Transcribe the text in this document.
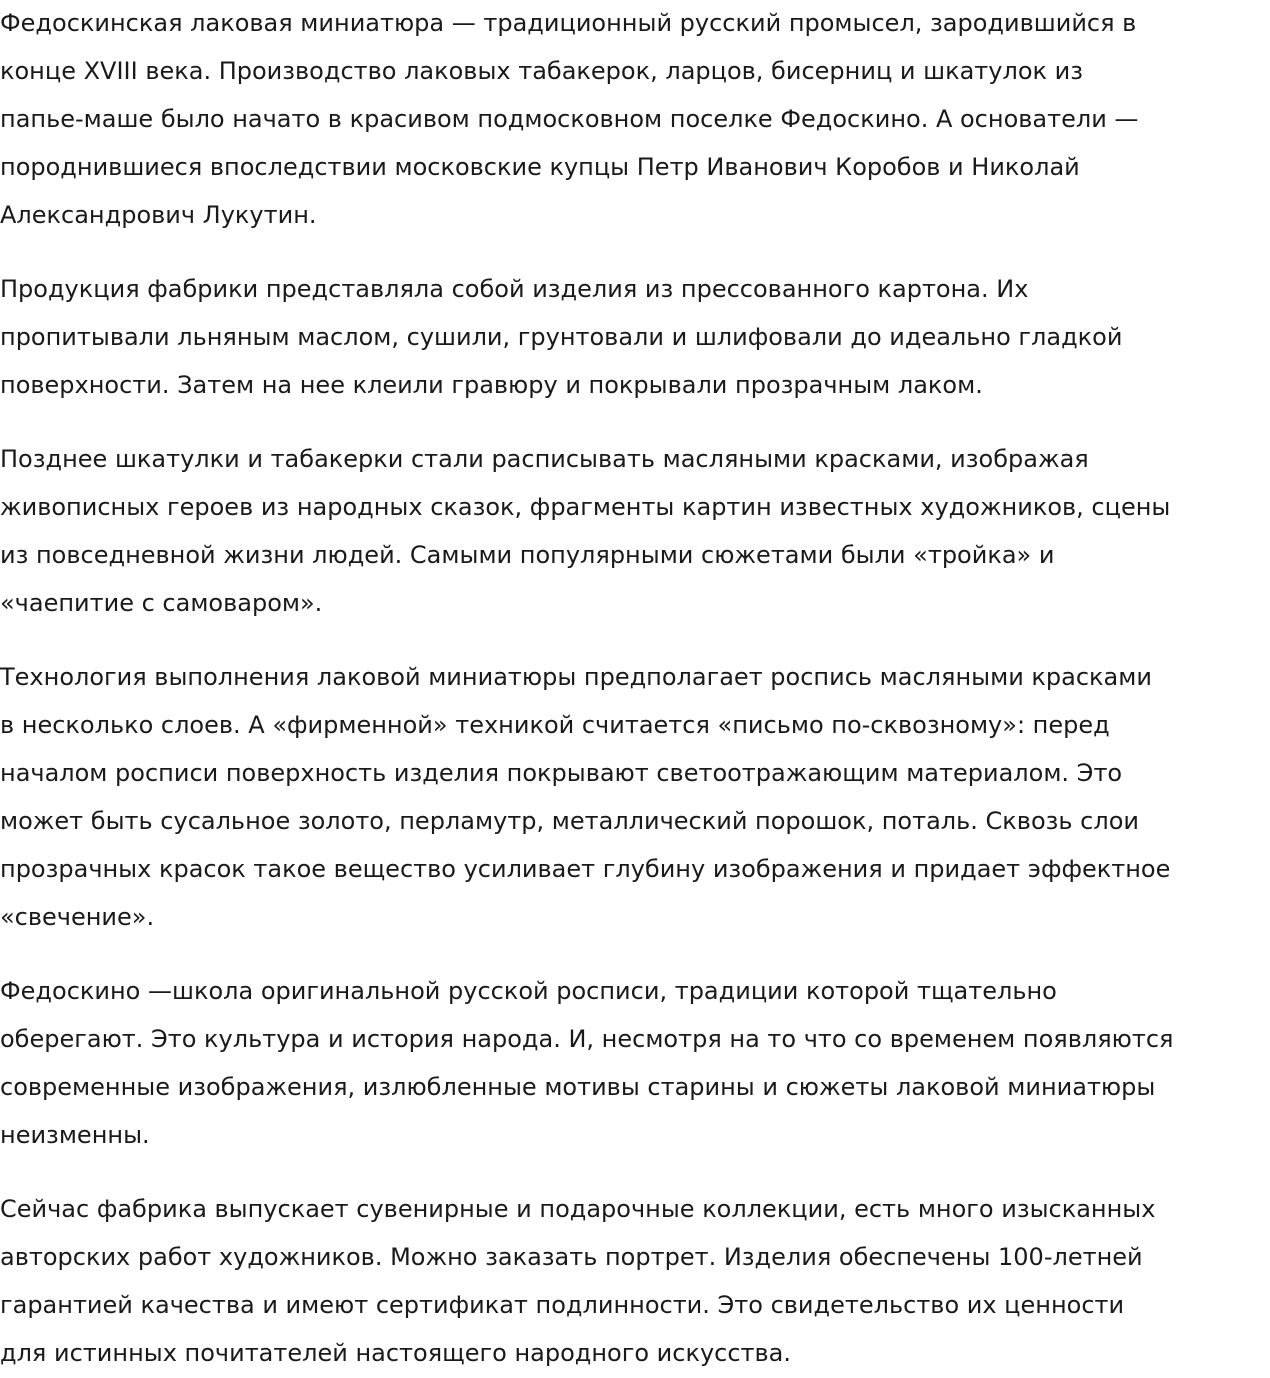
Федоскинская лаковая миниатюра — традиционный русский промысел, зародившийся в
конце XVIII века. Производство лаковых табакерок, ларцов, бисерниц и шкатулок из
папье-маше было начато в красивом подмосковном поселке Федоскино. А основатели —
породнившиеся впоследствии московские купцы Петр Иванович Коробов и Николай
Александрович Лукутин.

Продукция фабрики представляла собой изделия из прессованного картона. Их
пропитывали льняным маслом, сушили, грунтовали и шлифовали до идеально гладкой
поверхности. Затем на нее клеили гравюру и покрывали прозрачным лаком.

Позднее шкатулки и табакерки стали расписывать масляными красками, изображая
живописных героев из народных сказок, фрагменты картин известных художников, сцены
из повседневной жизни людей. Самыми популярными сюжетами были «тройка» и
«чаепитие с самоваром».

Технология выполнения лаковой миниатюры предполагает роспись масляными красками
в несколько слоев. А «фирменной» техникой считается «письмо по-сквозному»: перед
началом росписи поверхность изделия покрывают светоотражающим материалом. Это
может быть сусальное золото, перламутр, металлический порошок, поталь. Сквозь слои
прозрачных красок такое вещество усиливает глубину изображения и придает эффектное
«свечение».

Федоскино —школа оригинальной русской росписи, традиции которой тщательно
оберегают. Это культура и история народа. И, несмотря на то что со временем появляются
современные изображения, излюбленные мотивы старины и сюжеты лаковой миниатюры
неизменны.

Сейчас фабрика выпускает сувенирные и подарочные коллекции, есть много изысканных
авторских работ художников. Можно заказать портрет. Изделия обеспечены 100-летней
гарантией качества и имеют сертификат подлинности. Это свидетельство их ценности
для истинных почитателей настоящего народного искусства.
